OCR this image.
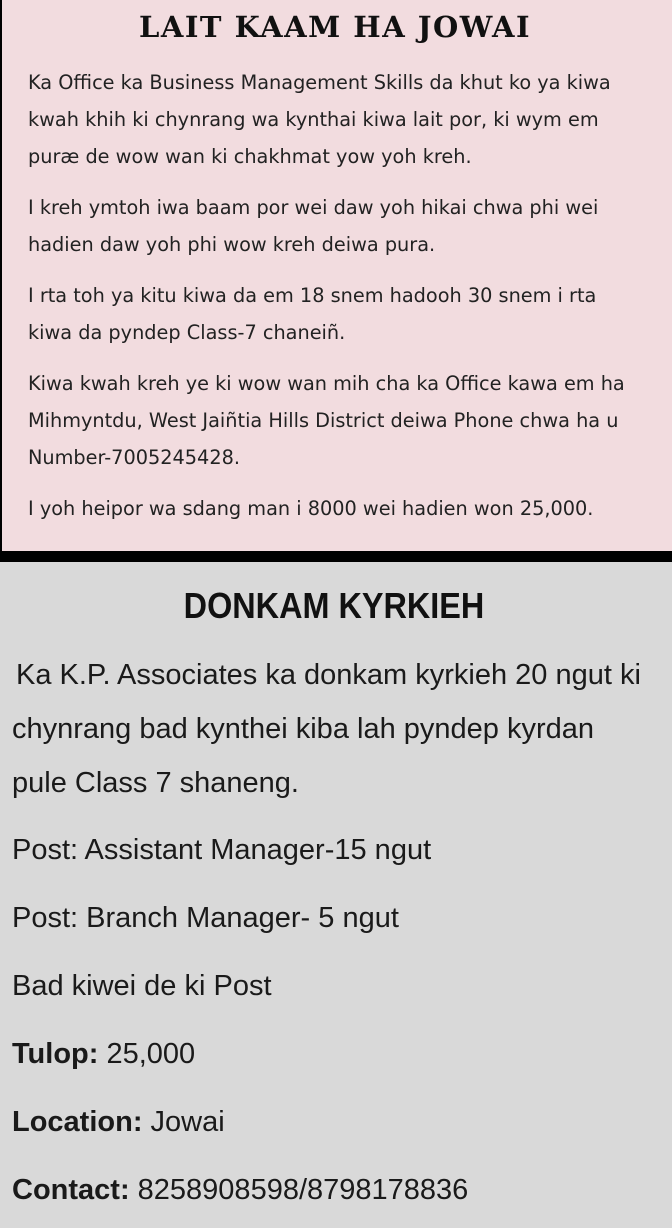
LAIT KAAM HA JOWAI

Ka Office ka Business Management Skills da khut ko ya kiwa kwah khih ki chynrang wa kynthai kiwa lait por, ki wym em puræ de wow wan ki chakhmat yow yoh kreh.

I kreh ymtoh iwa baam por wei daw yoh hikai chwa phi wei hadien daw yoh phi wow kreh deiwa pura.

I rta toh ya kitu kiwa da em 18 snem hadooh 30 snem i rta kiwa da pyndep Class-7 chaneiñ.

Kiwa kwah kreh ye ki wow wan mih cha ka Office kawa em ha Mihmyntdu, West Jaiñtia Hills District deiwa Phone chwa ha u Number-7005245428.

I yoh heipor wa sdang man i 8000 wei hadien won 25,000.

DONKAM KYRKIEH

Ka K.P. Associates ka donkam kyrkieh 20 ngut ki chynrang bad kynthei kiba lah pyndep kyrdan pule Class 7 shaneng.

Post: Assistant Manager-15 ngut

Post: Branch Manager- 5 ngut

Bad kiwei de ki Post

Tulop: 25,000

Location: Jowai

Contact: 8258908598/8798178836
